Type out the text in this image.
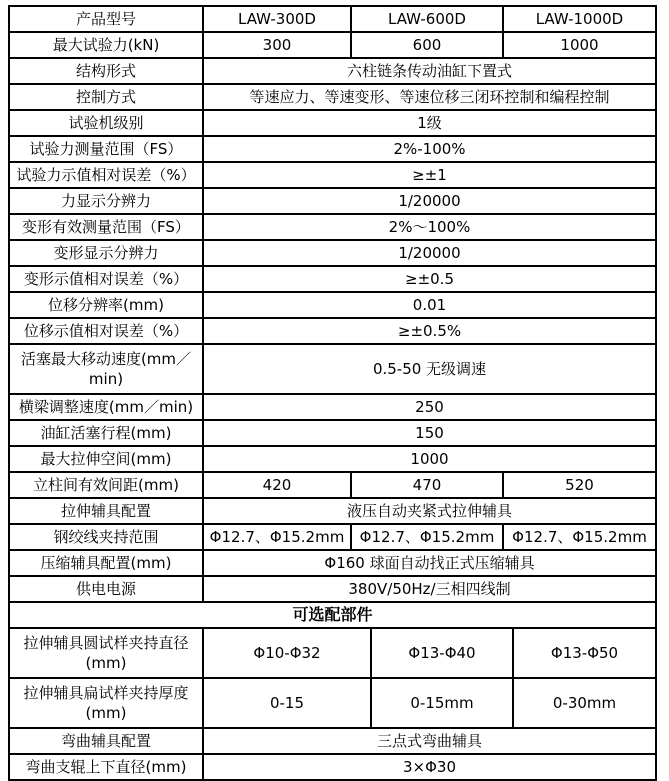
产品型号	LAW-300D	LAW-600D	LAW-1000D
最大试验力(kN)	300	600	1000
结构形式	六柱链条传动油缸下置式		
控制方式	等速应力、等速变形、等速位移三闭环控制和编程控制		
试验机级别	1级		
试验力测量范围（FS）	2%-100%		
试验力示值相对误差（%）	≥±1		
力显示分辨力	1/20000		
变形有效测量范围（FS）	2%～100%		
变形显示分辨力	1/20000		
变形示值相对误差（%）	≥±0.5		
位移分辨率(mm)	0.01		
位移示值相对误差（%）	≥±0.5%		
活塞最大移动速度(mm／min)	0.5-50 无级调速		
横梁调整速度(mm／min)	250		
油缸活塞行程(mm)	150		
最大拉伸空间(mm)	1000		
立柱间有效间距(mm)	420	470	520
拉伸辅具配置	液压自动夹紧式拉伸辅具		
钢绞线夹持范围	Φ12.7、Φ15.2mm	Φ12.7、Φ15.2mm	Φ12.7、Φ15.2mm
压缩辅具配置(mm)	Φ160 球面自动找正式压缩辅具		
供电电源	380V/50Hz/三相四线制		
可选配部件			
拉伸辅具圆试样夹持直径(mm)	Φ10-Φ32	Φ13-Φ40	Φ13-Φ50
拉伸辅具扁试样夹持厚度(mm)	0-15	0-15mm	0-30mm
弯曲辅具配置	三点式弯曲辅具		
弯曲支辊上下直径(mm)	3×Φ30		
